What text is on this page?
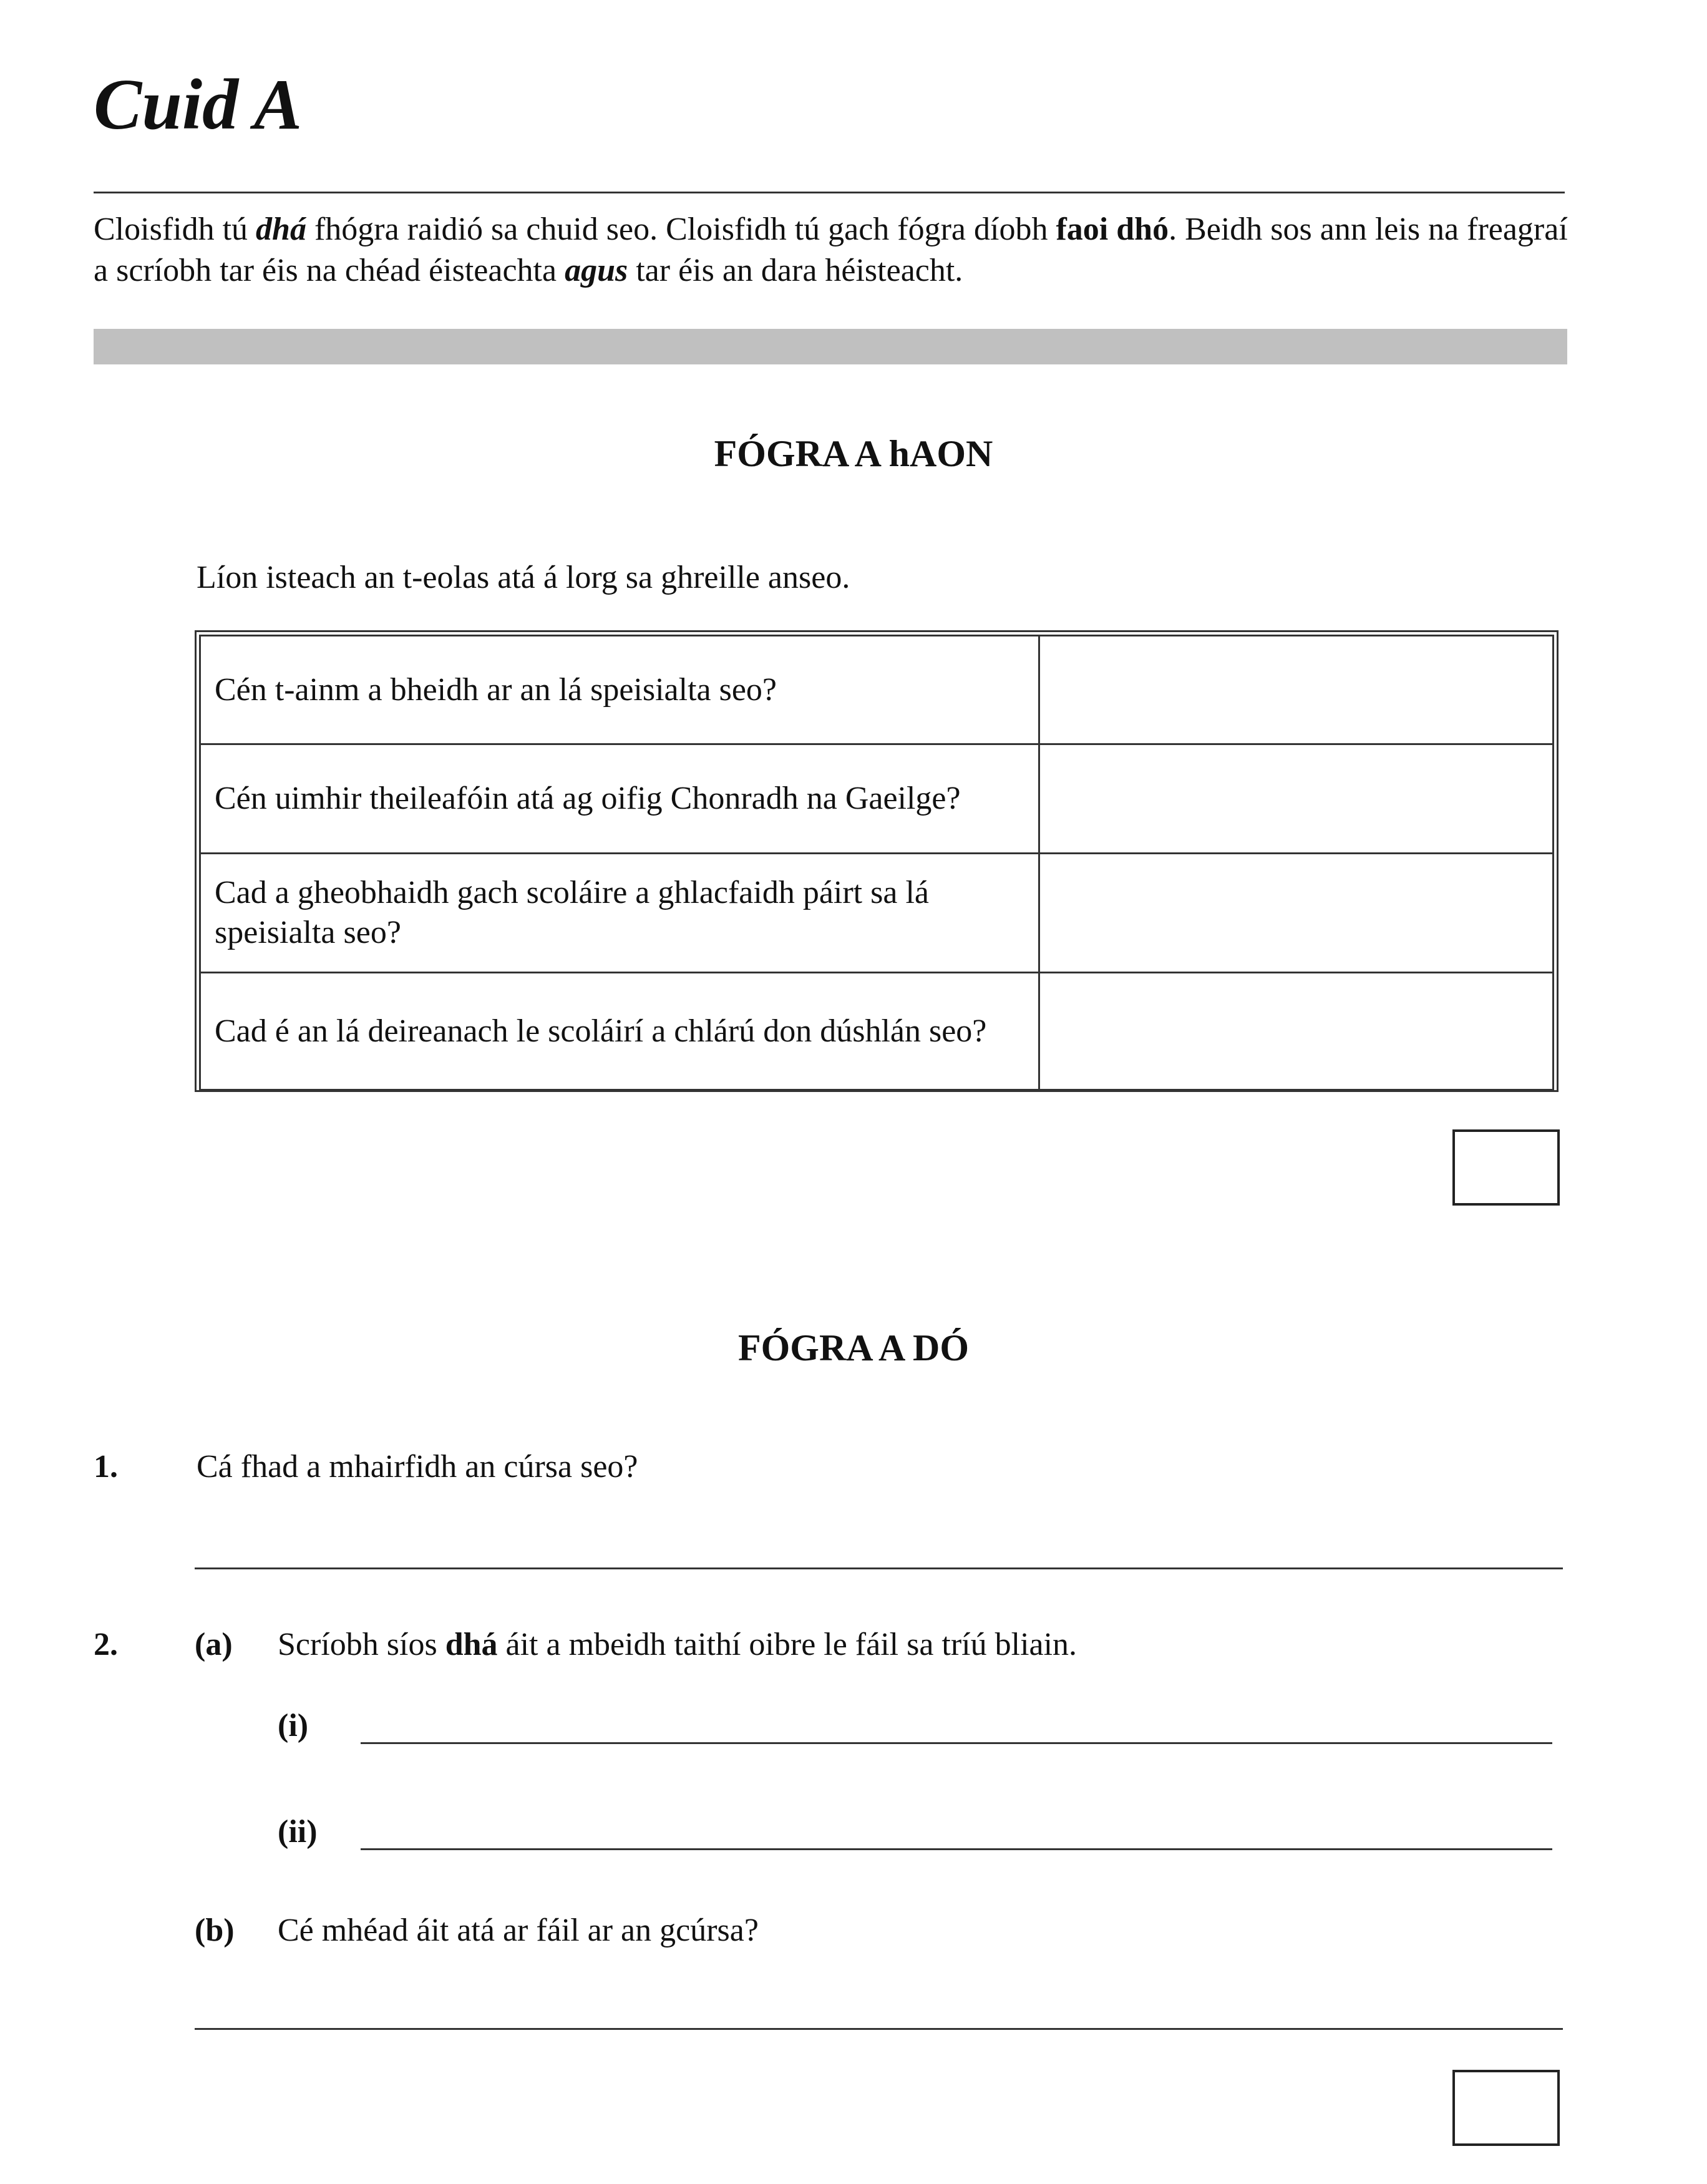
Cuid A
Cloisfidh tú dhá fhógra raidió sa chuid seo. Cloisfidh tú gach fógra díobh faoi dhó. Beidh sos ann leis na freagraí a scríobh tar éis na chéad éisteachta agus tar éis an dara héisteacht.
FÓGRA A hAON
Líon isteach an t-eolas atá á lorg sa ghreille anseo.
Cén t-ainm a bheidh ar an lá speisialta seo?	
Cén uimhir theileafóin atá ag oifig Chonradh na Gaeilge?	
Cad a gheobhaidh gach scoláire a ghlacfaidh páirt sa lá speisialta seo?	
Cad é an lá deireanach le scoláirí a chlárú don dúshlán seo?	
FÓGRA A DÓ
1. Cá fhad a mhairfidh an cúrsa seo?
2. (a) Scríobh síos dhá áit a mbeidh taithí oibre le fáil sa tríú bliain.
(i)
(ii)
(b) Cé mhéad áit atá ar fáil ar an gcúrsa?
